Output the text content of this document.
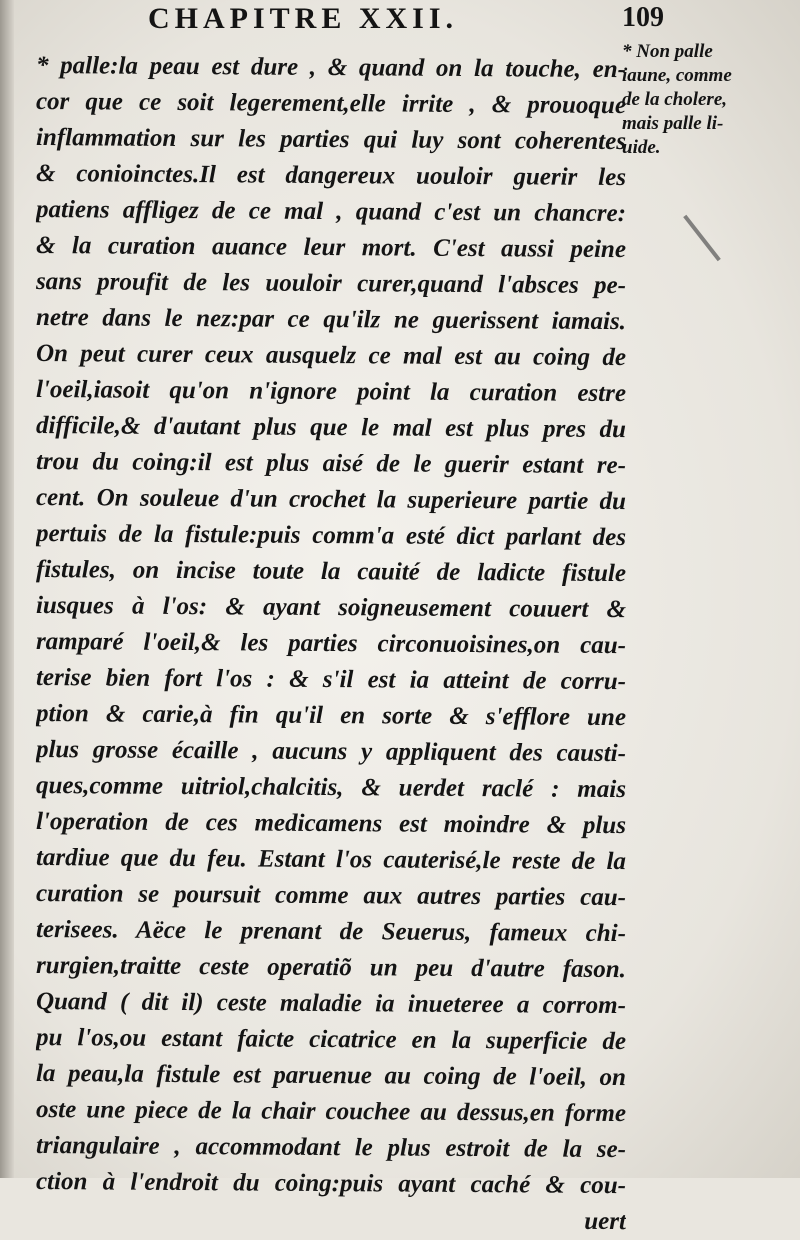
CHAPITRE XXII.	109
* Non palle
iaune, comme
de la cholere,
mais palle li-
uide.
* palle:la peau est dure , & quand on la touche, en-
cor que ce soit legerement,elle irrite , & prouoque
inflammation sur les parties qui luy sont coherentes
& conioinctes.Il est dangereux uouloir guerir les
patiens affligez de ce mal , quand c'est un chancre:
& la curation auance leur mort. C'est aussi peine
sans proufit de les uouloir curer,quand l'absces pe-
netre dans le nez:par ce qu'ilz ne guerissent iamais.
On peut curer ceux ausquelz ce mal est au coing de
l'oeil,iasoit qu'on n'ignore point la curation estre
difficile,& d'autant plus que le mal est plus pres du
trou du coing:il est plus aisé de le guerir estant re-
cent. On souleue d'un crochet la superieure partie du
pertuis de la fistule:puis comm'a esté dict parlant des
fistules, on incise toute la cauité de ladicte fistule
iusques à l'os: & ayant soigneusement couuert &
ramparé l'oeil,& les parties circonuoisines,on cau-
terise bien fort l'os : & s'il est ia atteint de corru-
ption & carie,à fin qu'il en sorte & s'efflore une
plus grosse écaille , aucuns y appliquent des causti-
ques,comme uitriol,chalcitis, & uerdet raclé : mais
l'operation de ces medicamens est moindre & plus
tardiue que du feu. Estant l'os cauterisé,le reste de la
curation se poursuit comme aux autres parties cau-
terisees. Aëce le prenant de Seuerus, fameux chi-
rurgien,traitte ceste operatiõ un peu d'autre fason.
Quand ( dit il) ceste maladie ia inueteree a corrom-
pu l'os,ou estant faicte cicatrice en la superficie de
la peau,la fistule est paruenue au coing de l'oeil, on
oste une piece de la chair couchee au dessus,en forme
triangulaire , accommodant le plus estroit de la se-
ction à l'endroit du coing:puis ayant caché & cou-
uert
